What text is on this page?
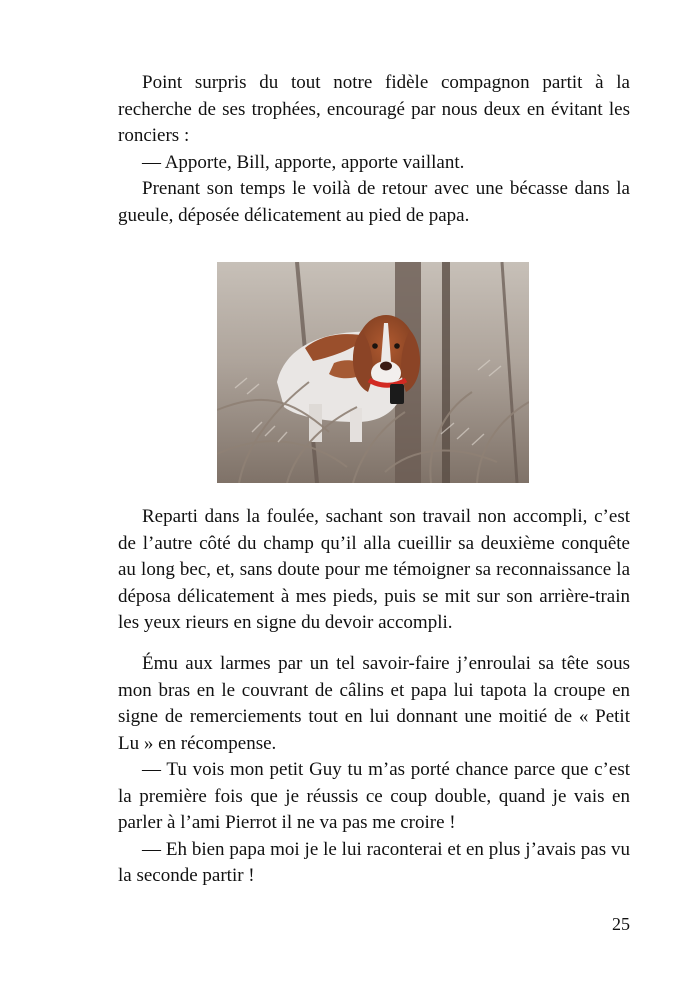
Point surpris du tout notre fidèle compagnon partit à la recherche de ses trophées, encouragé par nous deux en évitant les ronciers :

— Apporte, Bill, apporte, apporte vaillant.

Prenant son temps le voilà de retour avec une bécasse dans la gueule, déposée délicatement au pied de papa.

Reparti dans la foulée, sachant son travail non accompli, c’est de l’autre côté du champ qu’il alla cueillir sa deuxième conquête au long bec, et, sans doute pour me témoigner sa reconnaissance la déposa délicatement à mes pieds, puis se mit sur son arrière-train les yeux rieurs en signe du devoir accompli.

Ému aux larmes par un tel savoir-faire j’enroulai sa tête sous mon bras en le couvrant de câlins et papa lui tapota la croupe en signe de remerciements tout en lui donnant une moitié de « Petit Lu » en récompense.

— Tu vois mon petit Guy tu m’as porté chance parce que c’est la première fois que je réussis ce coup double, quand je vais en parler à l’ami Pierrot il ne va pas me croire !

— Eh bien papa moi je le lui raconterai et en plus j’avais pas vu la seconde partir !

25
